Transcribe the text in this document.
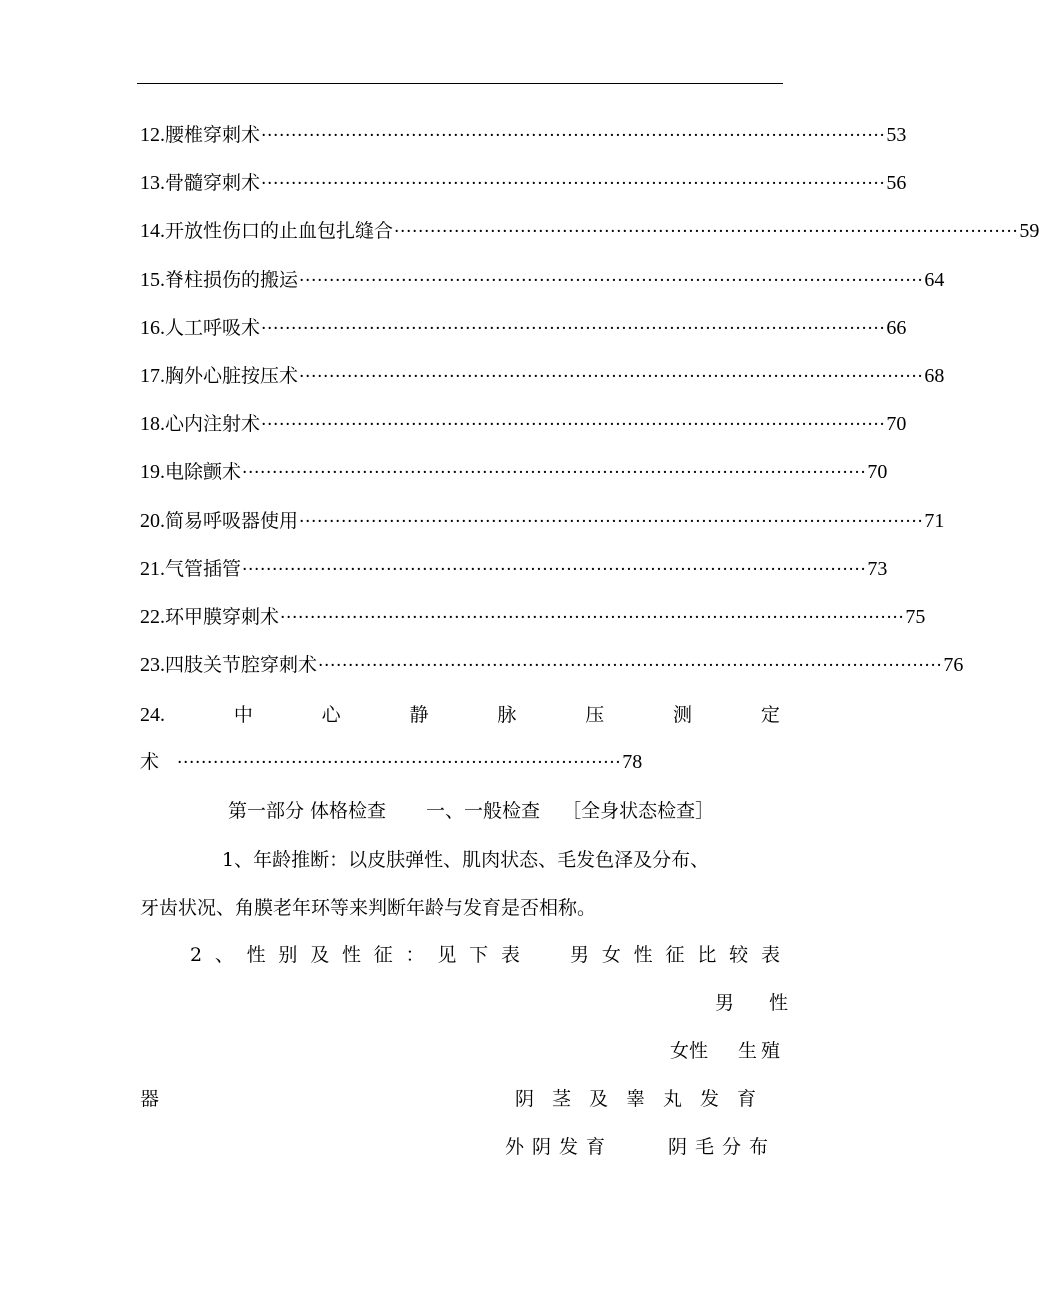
12. 腰椎穿刺术 ········································································································ 53
13. 骨髓穿刺术 ········································································································ 56
14. 开放性伤口的止血包扎缝合 ········································································································ 59
15. 脊柱损伤的搬运 ········································································································ 64
16. 人工呼吸术 ········································································································ 66
17. 胸外心脏按压术 ········································································································ 68
18. 心内注射术 ········································································································ 70
19. 电除颤术 ········································································································ 70
20. 简易呼吸器使用 ········································································································ 71
21. 气管插管 ········································································································ 73
22. 环甲膜穿刺术 ········································································································ 75
23. 四肢关节腔穿刺术 ········································································································ 76
24.	中	心	静	脉	压	测	定
术 ·········································································· 78
第一部分 体格检查 一、一般检查 ［全身状态检查］
1、年龄推断：以皮肤弹性、肌肉状态、毛发色泽及分布、
牙齿状况、角膜老年环等来判断年龄与发育是否相称。
2 、 性 别 及 性 征 ： 见 下 表	男 女 性 征 比 较 表
男　性
女性 生殖
器	阴茎及睾丸发育
外阴发育	阴毛分布
